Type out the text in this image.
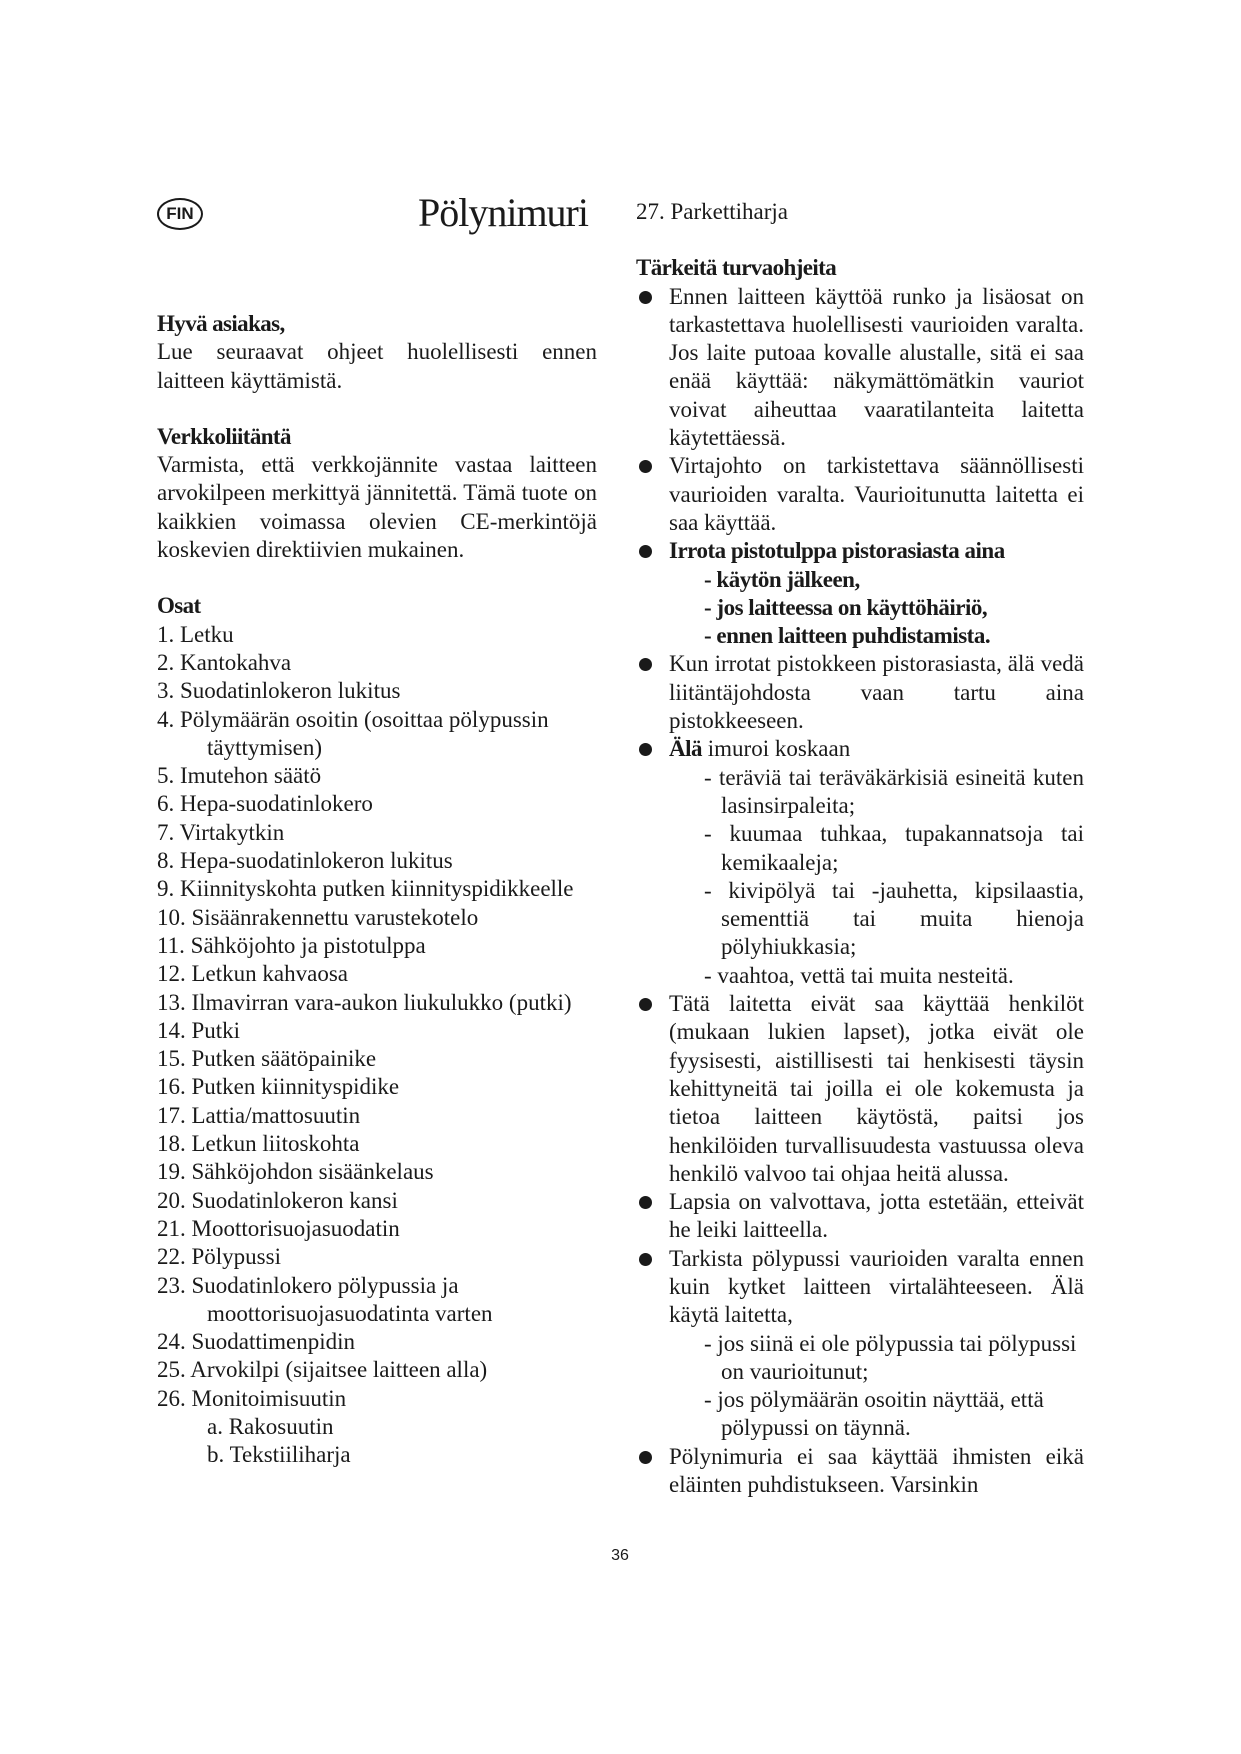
FIN	Pölynimuri

Hyvä asiakas,

Lue seuraavat ohjeet huolellisesti ennen laitteen käyttämistä.

Verkkoliitäntä

Varmista, että verkkojännite vastaa laitteen arvokilpeen merkittyä jännitettä. Tämä tuote on kaikkien voimassa olevien CE-merkintöjä koskevien direktiivien mukainen.

Osat

1. Letku
2. Kantokahva
3. Suodatinlokeron lukitus
4. Pölymäärän osoitin (osoittaa pölypussin täyttymisen)
5. Imutehon säätö
6. Hepa-suodatinlokero
7. Virtakytkin
8. Hepa-suodatinlokeron lukitus
9. Kiinnityskohta putken kiinnityspidikkeelle
10. Sisäänrakennettu varustekotelo
11. Sähköjohto ja pistotulppa
12. Letkun kahvaosa
13. Ilmavirran vara-aukon liukulukko (putki)
14. Putki
15. Putken säätöpainike
16. Putken kiinnityspidike
17. Lattia/mattosuutin
18. Letkun liitoskohta
19. Sähköjohdon sisäänkelaus
20. Suodatinlokeron kansi
21. Moottorisuojasuodatin
22. Pölypussi
23. Suodatinlokero pölypussia ja moottorisuojasuodatinta varten
24. Suodattimenpidin
25. Arvokilpi (sijaitsee laitteen alla)
26. Monitoimisuutin
a. Rakosuutin
b. Tekstiiliharja

27. Parkettiharja

Tärkeitä turvaohjeita

Ennen laitteen käyttöä runko ja lisäosat on tarkastettava huolellisesti vaurioiden varalta. Jos laite putoaa kovalle alustalle, sitä ei saa enää käyttää: näkymättömätkin vauriot voivat aiheuttaa vaaratilanteita laitetta käytettäessä.

Virtajohto on tarkistettava säännöllisesti vaurioiden varalta. Vaurioitunutta laitetta ei saa käyttää.

Irrota pistotulppa pistorasiasta aina

- käytön jälkeen,
- jos laitteessa on käyttöhäiriö,
- ennen laitteen puhdistamista.

Kun irrotat pistokkeen pistorasiasta, älä vedä liitäntäjohdosta vaan tartu aina pistokkeeseen.

Älä imuroi koskaan

- teräviä tai teräväkärkisiä esineitä kuten lasinsirpaleita;
- kuumaa tuhkaa, tupakannatsoja tai kemikaaleja;
- kivipölyä tai -jauhetta, kipsilaastia, sementtiä tai muita hienoja pölyhiukkasia;
- vaahtoa, vettä tai muita nesteitä.

Tätä laitetta eivät saa käyttää henkilöt (mukaan lukien lapset), jotka eivät ole fyysisesti, aistillisesti tai henkisesti täysin kehittyneitä tai joilla ei ole kokemusta ja tietoa laitteen käytöstä, paitsi jos henkilöiden turvallisuudesta vastuussa oleva henkilö valvoo tai ohjaa heitä alussa.

Lapsia on valvottava, jotta estetään, etteivät he leiki laitteella.

Tarkista pölypussi vaurioiden varalta ennen kuin kytket laitteen virtalähteeseen. Älä käytä laitetta,

- jos siinä ei ole pölypussia tai pölypussi on vaurioitunut;
- jos pölymäärän osoitin näyttää, että pölypussi on täynnä.

Pölynimuria ei saa käyttää ihmisten eikä eläinten puhdistukseen. Varsinkin

36
